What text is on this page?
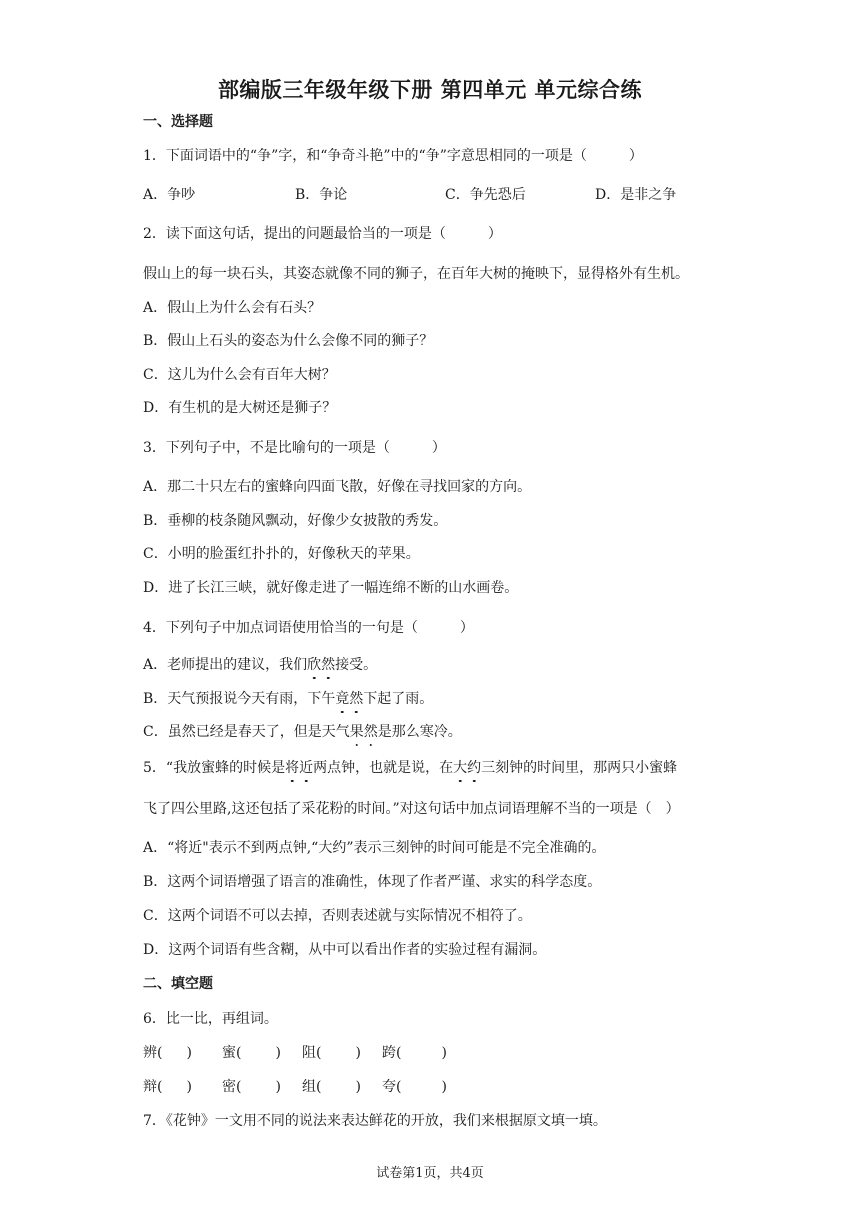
部编版三年级年级下册 第四单元 单元综合练
一、选择题
1．下面词语中的“争”字，和“争奇斗艳”中的“争”字意思相同的一项是（　　　）
A．争吵	B．争论	C．争先恐后	D．是非之争
2．读下面这句话，提出的问题最恰当的一项是（　　　）
假山上的每一块石头，其姿态就像不同的狮子，在百年大树的掩映下，显得格外有生机。
A．假山上为什么会有石头？
B．假山上石头的姿态为什么会像不同的狮子？
C．这儿为什么会有百年大树？
D．有生机的是大树还是狮子？
3．下列句子中，不是比喻句的一项是（　　　）
A．那二十只左右的蜜蜂向四面飞散，好像在寻找回家的方向。
B．垂柳的枝条随风飘动，好像少女披散的秀发。
C．小明的脸蛋红扑扑的，好像秋天的苹果。
D．进了长江三峡，就好像走进了一幅连绵不断的山水画卷。
4．下列句子中加点词语使用恰当的一句是（　　　）
A．老师提出的建议，我们欣然接受。
B．天气预报说今天有雨，下午竟然下起了雨。
C．虽然已经是春天了，但是天气果然是那么寒冷。
5．“我放蜜蜂的时候是将近两点钟，也就是说，在大约三刻钟的时间里，那两只小蜜蜂
飞了四公里路,这还包括了采花粉的时间。”对这句话中加点词语理解不当的一项是（　）
A．“将近"表示不到两点钟,“大约”表示三刻钟的时间可能是不完全准确的。
B．这两个词语增强了语言的准确性，体现了作者严谨、求实的科学态度。
C．这两个词语不可以去掉，否则表述就与实际情况不相符了。
D．这两个词语有些含糊，从中可以看出作者的实验过程有漏洞。
二、填空题
6．比一比，再组词。
辨( ) 蜜( ) 阻( ) 跨(	)
辩( ) 密( ) 组( ) 夸(	)
7．《花钟》一文用不同的说法来表达鲜花的开放，我们来根据原文填一填。
试卷第1页，共4页
